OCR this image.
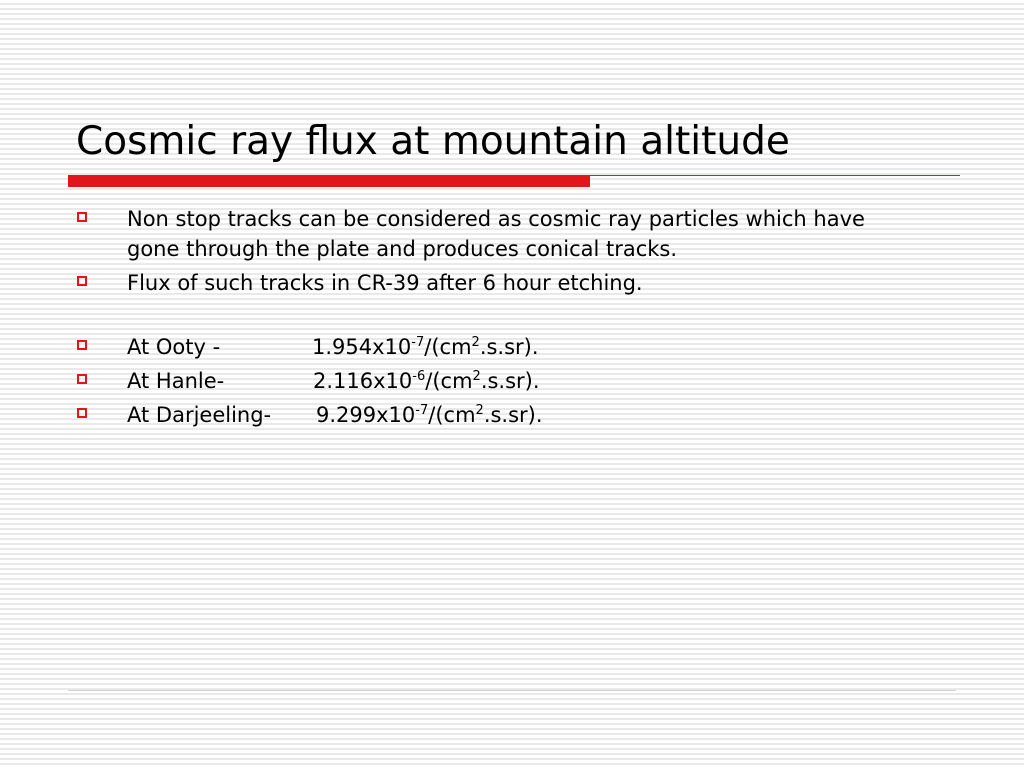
Cosmic ray flux at mountain altitude
Non stop tracks can be considered as cosmic ray particles which have gone through the plate and produces conical tracks.
Flux of such tracks in CR-39 after 6 hour etching.
At Ooty -	$1.954x10^{-7}/(cm^2.s.sr)$.
At Hanle-	$2.116x10^{-6}/(cm^2.s.sr)$.
At Darjeeling- $9.299x10^{-7}/(cm^2.s.sr)$.
